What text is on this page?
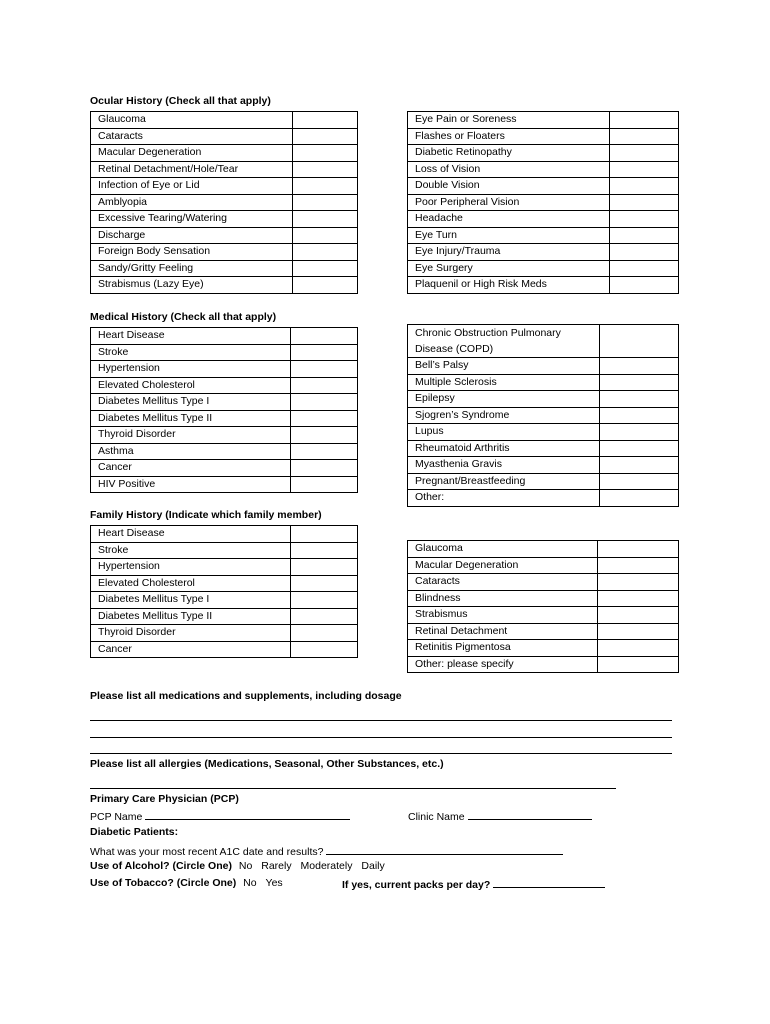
Ocular History (Check all that apply)
Glaucoma	
Cataracts	
Macular Degeneration	
Retinal Detachment/Hole/Tear	
Infection of Eye or Lid	
Amblyopia	
Excessive Tearing/Watering	
Discharge	
Foreign Body Sensation	
Sandy/Gritty Feeling	
Strabismus (Lazy Eye)	
Eye Pain or Soreness	
Flashes or Floaters	
Diabetic Retinopathy	
Loss of Vision	
Double Vision	
Poor Peripheral Vision	
Headache	
Eye Turn	
Eye Injury/Trauma	
Eye Surgery	
Plaquenil or High Risk Meds	
Medical History (Check all that apply)
Heart Disease	
Stroke	
Hypertension	
Elevated Cholesterol	
Diabetes Mellitus Type I	
Diabetes Mellitus Type II	
Thyroid Disorder	
Asthma	
Cancer	
HIV Positive	
Chronic Obstruction Pulmonary
Disease (COPD)	
Bell’s Palsy	
Multiple Sclerosis	
Epilepsy	
Sjogren’s Syndrome	
Lupus	
Rheumatoid Arthritis	
Myasthenia Gravis	
Pregnant/Breastfeeding	
Other:	
Family History (Indicate which family member)
Heart Disease	
Stroke	
Hypertension	
Elevated Cholesterol	
Diabetes Mellitus Type I	
Diabetes Mellitus Type II	
Thyroid Disorder	
Cancer	
Glaucoma	
Macular Degeneration	
Cataracts	
Blindness	
Strabismus	
Retinal Detachment	
Retinitis Pigmentosa	
Other: please specify	
Please list all medications and supplements, including dosage
Please list all allergies (Medications, Seasonal, Other Substances, etc.)
Primary Care Physician (PCP)
PCP Name	Clinic Name
Diabetic Patients:
What was your most recent A1C date and results?
Use of Alcohol? (Circle One) No Rarely Moderately Daily
Use of Tobacco? (Circle One) No Yes	If yes, current packs per day?
